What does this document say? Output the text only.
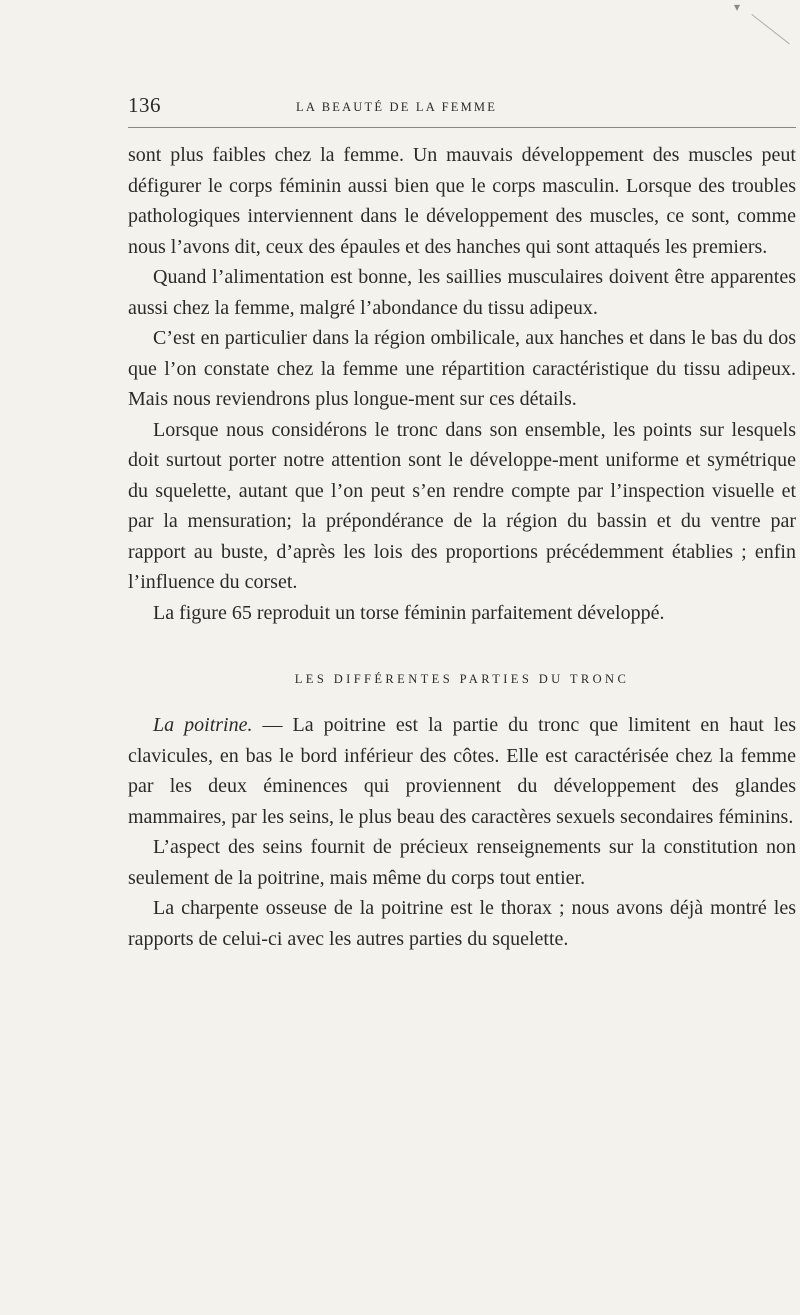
▾
136	LA BEAUTÉ DE LA FEMME

sont plus faibles chez la femme. Un mauvais développement des muscles peut défigurer le corps féminin aussi bien que le corps masculin. Lorsque des troubles pathologiques interviennent dans le développement des muscles, ce sont, comme nous l’avons dit, ceux des épaules et des hanches qui sont attaqués les premiers.

Quand l’alimentation est bonne, les saillies musculaires doivent être apparentes aussi chez la femme, malgré l’abondance du tissu adipeux.

C’est en particulier dans la région ombilicale, aux hanches et dans le bas du dos que l’on constate chez la femme une répartition caractéristique du tissu adipeux. Mais nous reviendrons plus longue-ment sur ces détails.

Lorsque nous considérons le tronc dans son ensemble, les points sur lesquels doit surtout porter notre attention sont le développe-ment uniforme et symétrique du squelette, autant que l’on peut s’en rendre compte par l’inspection visuelle et par la mensuration; la prépondérance de la région du bassin et du ventre par rapport au buste, d’après les lois des proportions précédemment établies ; enfin l’influence du corset.

La figure 65 reproduit un torse féminin parfaitement développé.

LES DIFFÉRENTES PARTIES DU TRONC

La poitrine. — La poitrine est la partie du tronc que limitent en haut les clavicules, en bas le bord inférieur des côtes. Elle est caractérisée chez la femme par les deux éminences qui proviennent du développement des glandes mammaires, par les seins, le plus beau des caractères sexuels secondaires féminins.

L’aspect des seins fournit de précieux renseignements sur la constitution non seulement de la poitrine, mais même du corps tout entier.

La charpente osseuse de la poitrine est le thorax ; nous avons déjà montré les rapports de celui-ci avec les autres parties du squelette.
